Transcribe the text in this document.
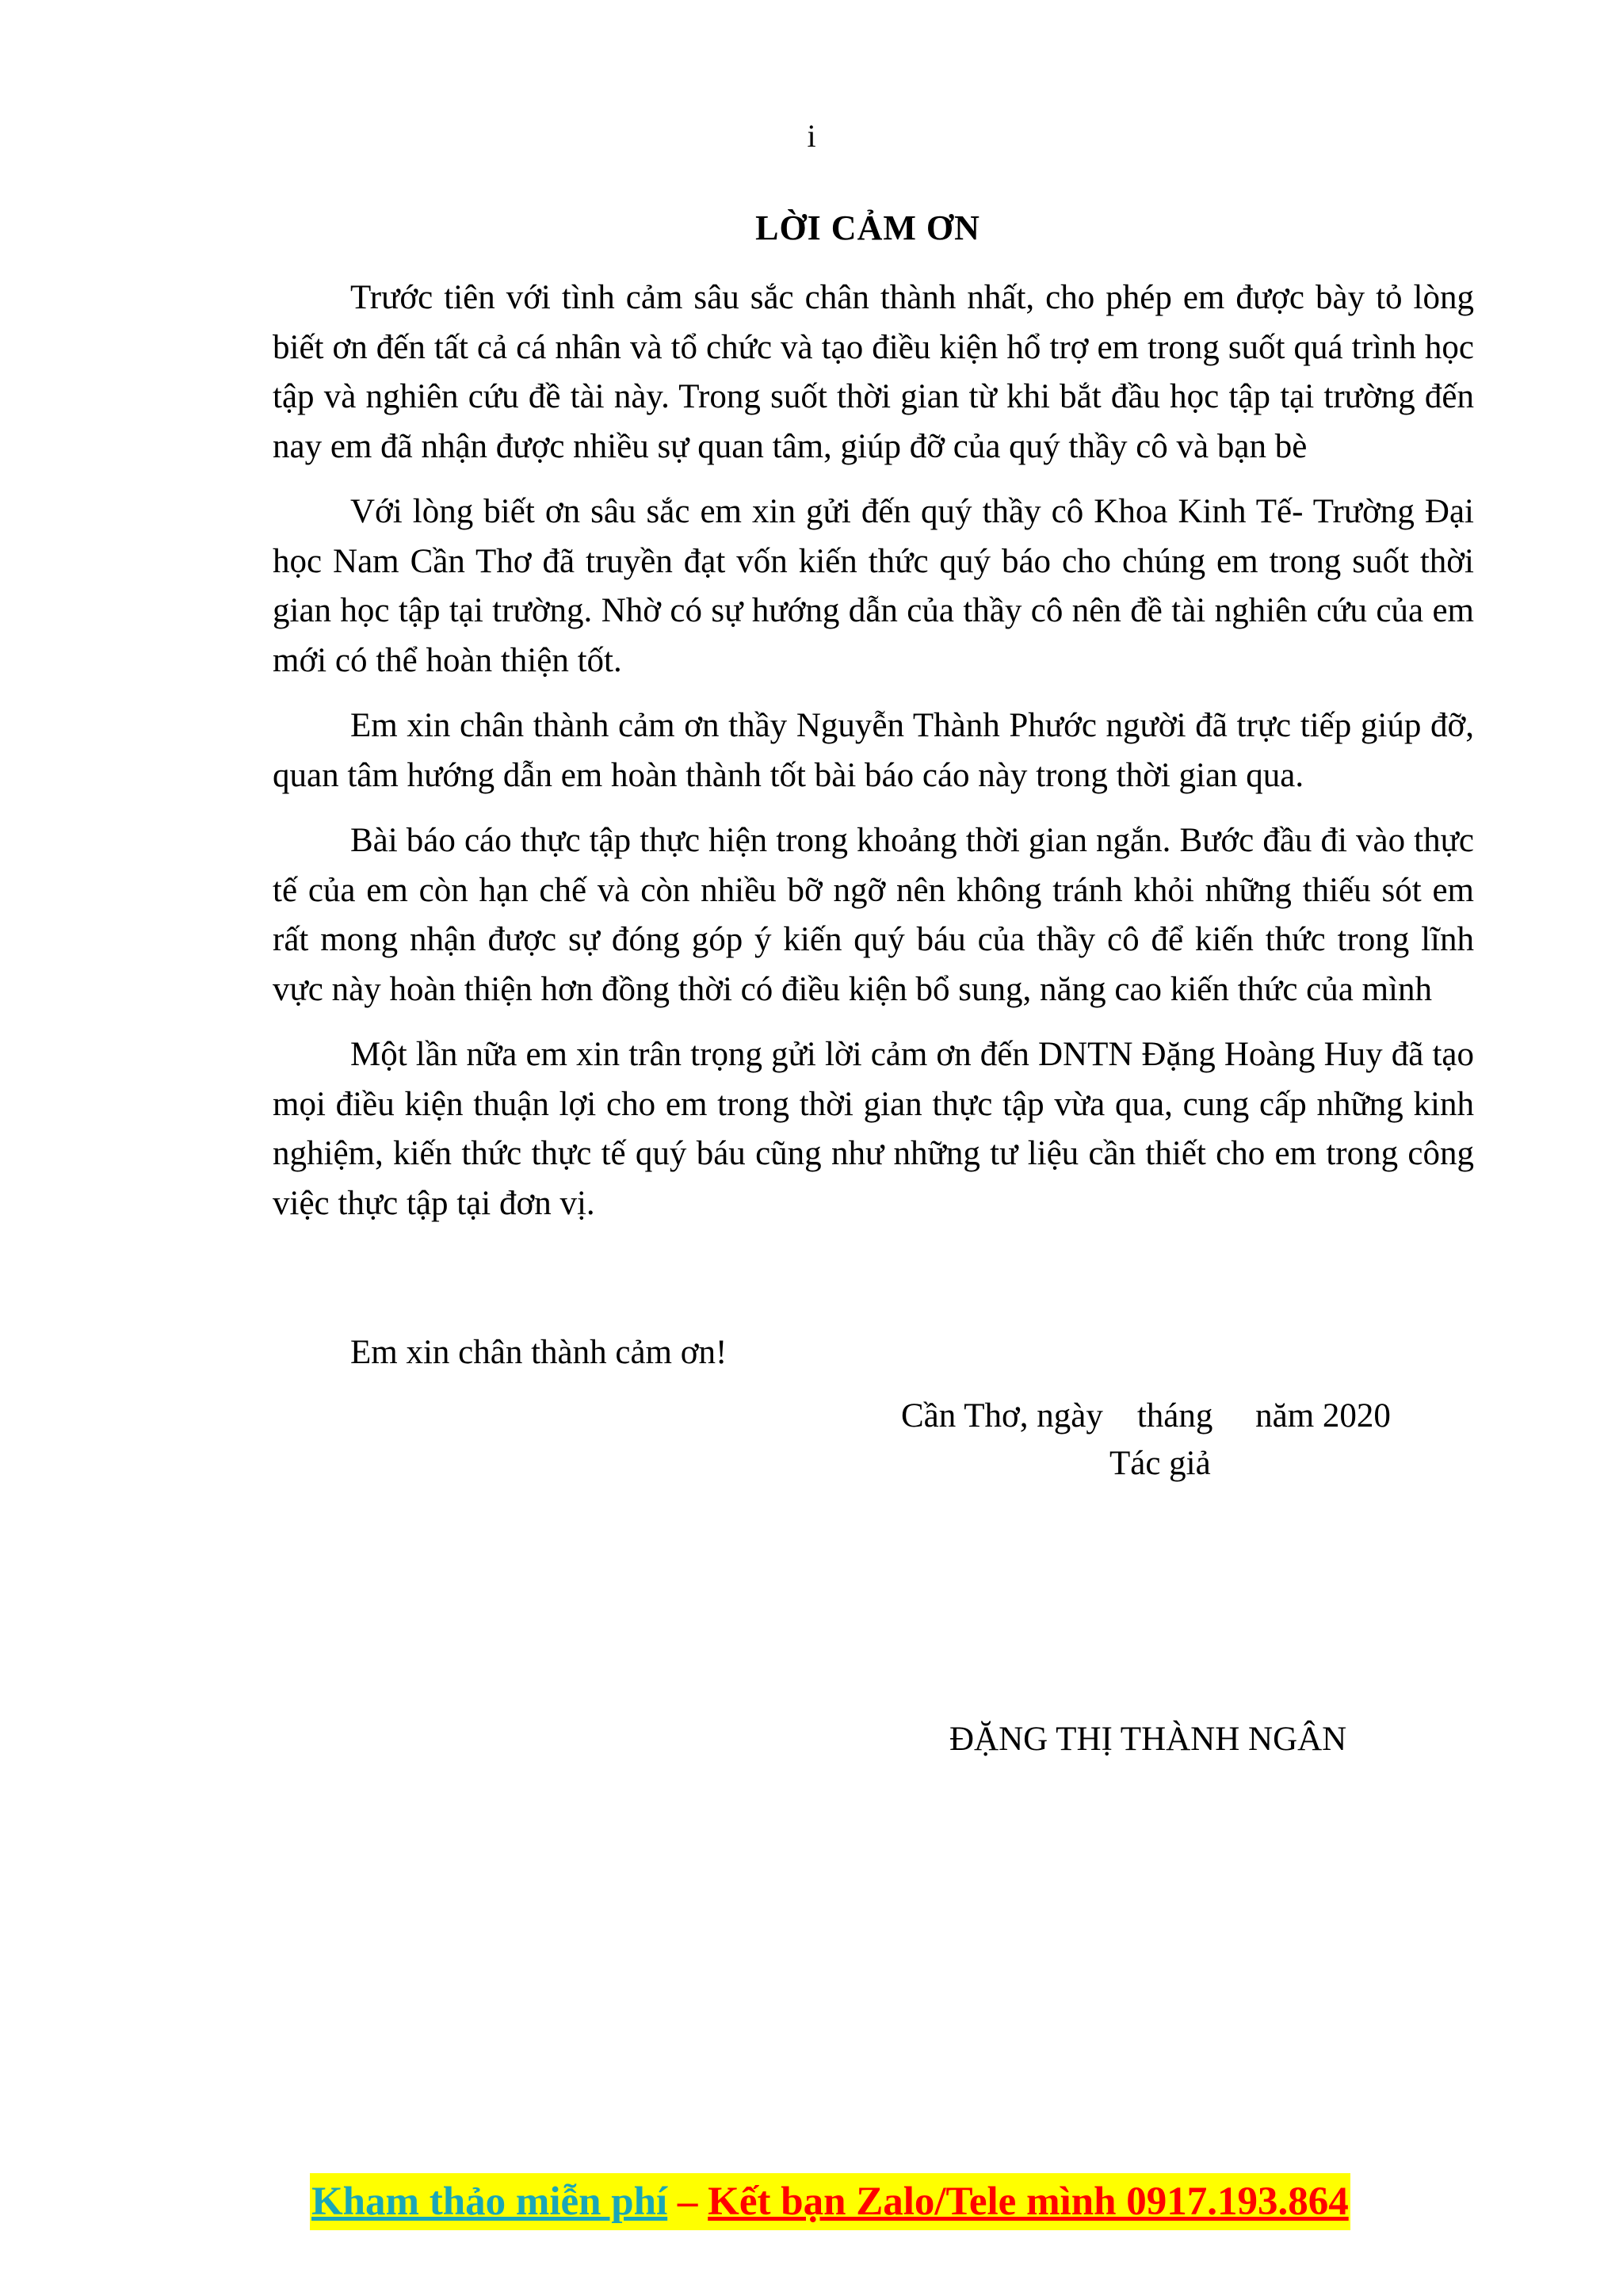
i
LỜI CẢM ƠN

Trước tiên với tình cảm sâu sắc chân thành nhất, cho phép em được bày tỏ lòng biết ơn đến tất cả cá nhân và tổ chức và tạo điều kiện hổ trợ em trong suốt quá trình học tập và nghiên cứu đề tài này. Trong suốt thời gian từ khi bắt đầu học tập tại trường đến nay em đã nhận được nhiều sự quan tâm, giúp đỡ của quý thầy cô và bạn bè

Với lòng biết ơn sâu sắc em xin gửi đến quý thầy cô Khoa Kinh Tế- Trường Đại học Nam Cần Thơ đã truyền đạt vốn kiến thức quý báo cho chúng em trong suốt thời gian học tập tại trường. Nhờ có sự hướng dẫn của thầy cô nên đề tài nghiên cứu của em mới có thể hoàn thiện tốt.

Em xin chân thành cảm ơn thầy Nguyễn Thành Phước người đã trực tiếp giúp đỡ, quan tâm hướng dẫn em hoàn thành tốt bài báo cáo này trong thời gian qua.

Bài báo cáo thực tập thực hiện trong khoảng thời gian ngắn. Bước đầu đi vào thực tế của em còn hạn chế và còn nhiều bỡ ngỡ nên không tránh khỏi những thiếu sót em rất mong nhận được sự đóng góp ý kiến quý báu của thầy cô để kiến thức trong lĩnh vực này hoàn thiện hơn đồng thời có điều kiện bổ sung, năng cao kiến thức của mình

Một lần nữa em xin trân trọng gửi lời cảm ơn đến DNTN Đặng Hoàng Huy đã tạo mọi điều kiện thuận lợi cho em trong thời gian thực tập vừa qua, cung cấp những kinh nghiệm, kiến thức thực tế quý báu cũng như những tư liệu cần thiết cho em trong công việc thực tập tại đơn vị.

Em xin chân thành cảm ơn!
Cần Thơ, ngày    tháng     năm 2020
Tác giả
ĐẶNG THỊ THÀNH NGÂN
Kham thảo miễn phí – Kết bạn Zalo/Tele mình 0917.193.864
